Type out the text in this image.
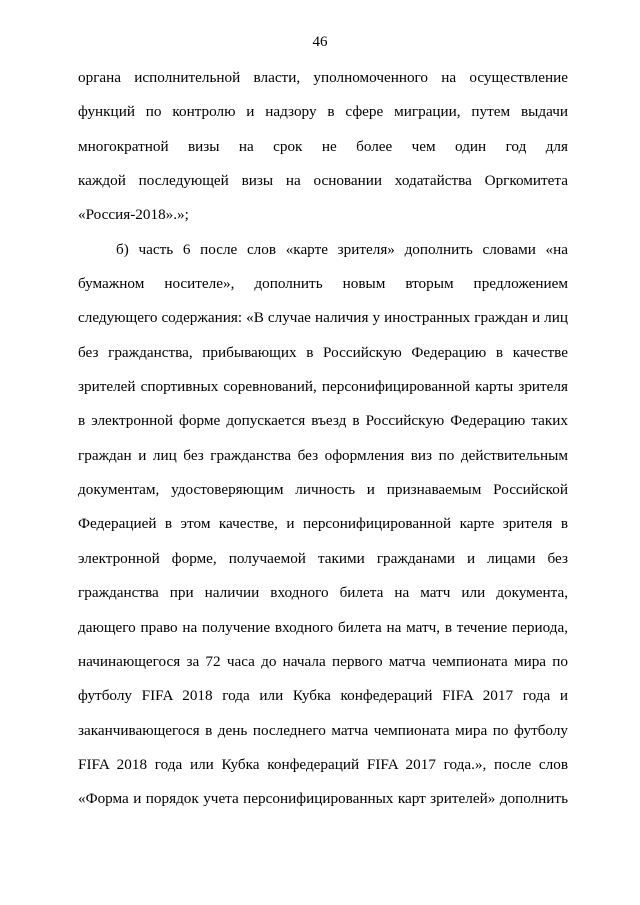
46
органа исполнительной власти, уполномоченного на осуществление
функций по контролю и надзору в сфере миграции, путем выдачи
многократной визы на срок не более чем один год для
каждой последующей визы на основании ходатайства Оргкомитета
«Россия-2018».»;
б) часть 6 после слов «карте зрителя» дополнить словами «на
бумажном носителе», дополнить новым вторым предложением
следующего содержания: «В случае наличия у иностранных граждан и лиц
без гражданства, прибывающих в Российскую Федерацию в качестве
зрителей спортивных соревнований, персонифицированной карты зрителя
в электронной форме допускается въезд в Российскую Федерацию таких
граждан и лиц без гражданства без оформления виз по действительным
документам, удостоверяющим личность и признаваемым Российской
Федерацией в этом качестве, и персонифицированной карте зрителя в
электронной форме, получаемой такими гражданами и лицами без
гражданства при наличии входного билета на матч или документа,
дающего право на получение входного билета на матч, в течение периода,
начинающегося за 72 часа до начала первого матча чемпионата мира по
футболу FIFA 2018 года или Кубка конфедераций FIFA 2017 года и
заканчивающегося в день последнего матча чемпионата мира по футболу
FIFA 2018 года или Кубка конфедераций FIFA 2017 года.», после слов
«Форма и порядок учета персонифицированных карт зрителей» дополнить
